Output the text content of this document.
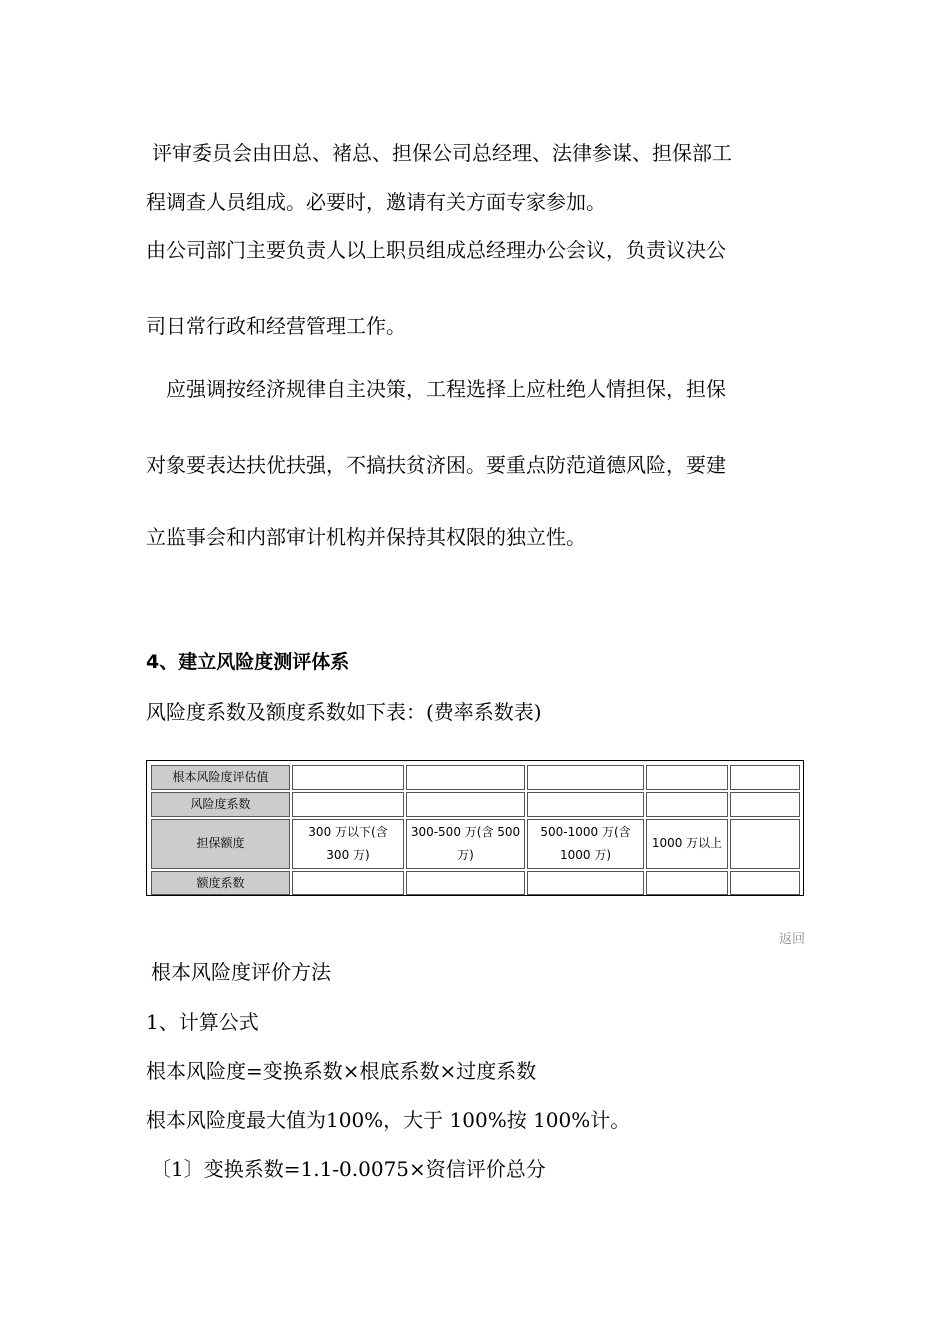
评审委员会由田总、褚总、担保公司总经理、法律参谋、担保部工
程调查人员组成。必要时，邀请有关方面专家参加。
由公司部门主要负责人以上职员组成总经理办公会议，负责议决公
司日常行政和经营管理工作。
应强调按经济规律自主决策，工程选择上应杜绝人情担保，担保
对象要表达扶优扶强，不搞扶贫济困。要重点防范道德风险，要建
立监事会和内部审计机构并保持其权限的独立性。
4、建立风险度测评体系
风险度系数及额度系数如下表：(费率系数表)
根本风险度评估值					
风险度系数					
担保额度	300 万以下(含 300 万)	300-500 万(含 500 万)	500-1000 万(含 1000 万)	1000 万以上	
额度系数					
返回
根本风险度评价方法
1、计算公式
根本风险度=变换系数×根底系数×过度系数
根本风险度最大值为100%，大于 100%按 100%计。
〔1〕变换系数=1.1-0.0075×资信评价总分
